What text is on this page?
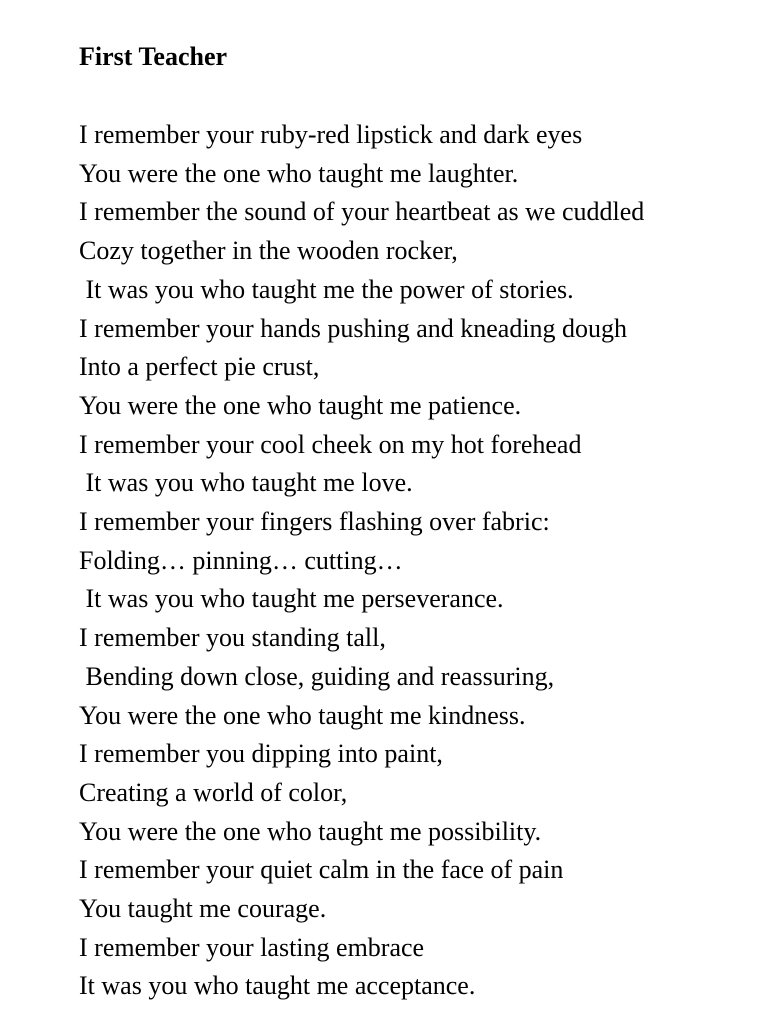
First Teacher
I remember your ruby-red lipstick and dark eyes
You were the one who taught me laughter.
I remember the sound of your heartbeat as we cuddled
Cozy together in the wooden rocker,
It was you who taught me the power of stories.
I remember your hands pushing and kneading dough
Into a perfect pie crust,
You were the one who taught me patience.
I remember your cool cheek on my hot forehead
It was you who taught me love.
I remember your fingers flashing over fabric:
Folding… pinning… cutting…
It was you who taught me perseverance.
I remember you standing tall,
Bending down close, guiding and reassuring,
You were the one who taught me kindness.
I remember you dipping into paint,
Creating a world of color,
You were the one who taught me possibility.
I remember your quiet calm in the face of pain
You taught me courage.
I remember your lasting embrace
It was you who taught me acceptance.
